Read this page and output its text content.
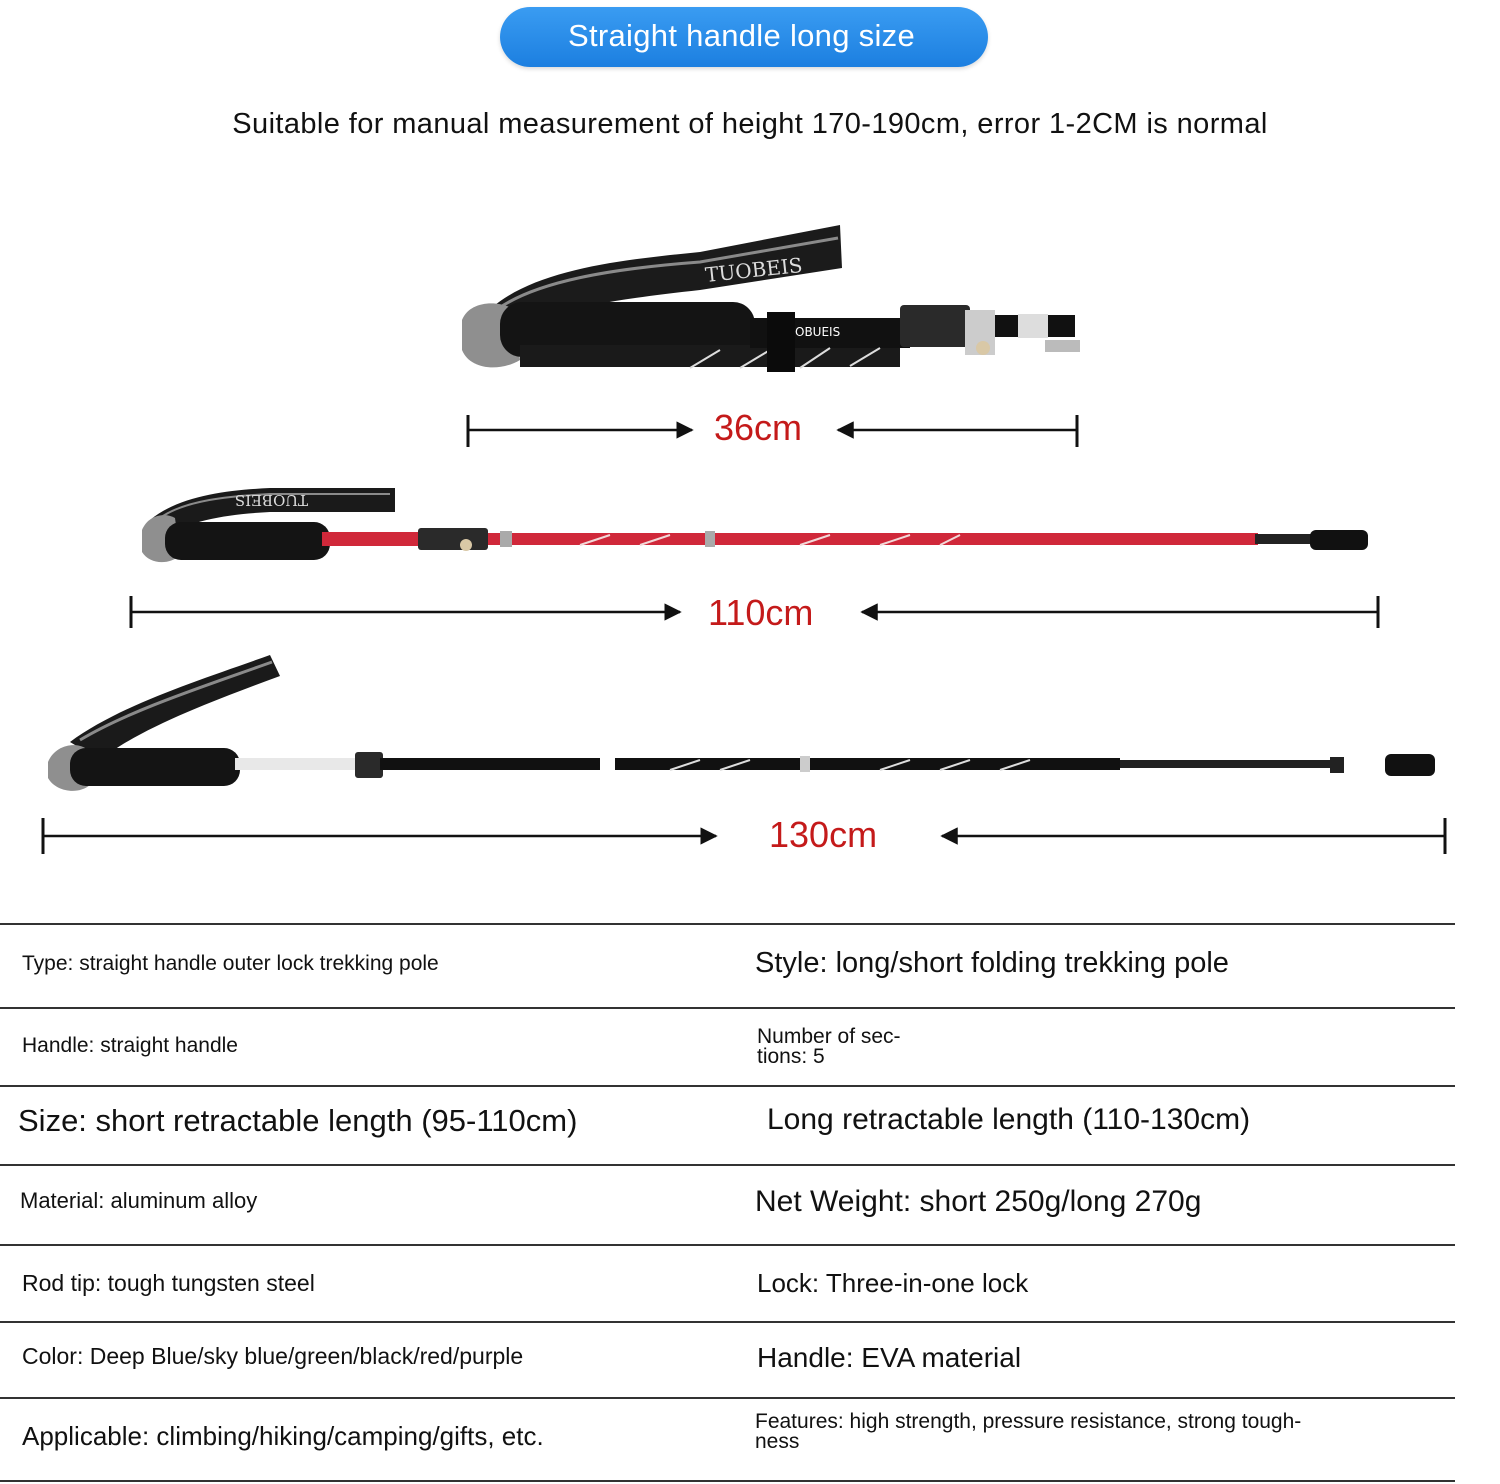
Straight handle long size
Suitable for manual measurement of height 170-190cm, error 1-2CM is normal
TUOBEIS
OBUEIS
TUOBEIS
36cm
110cm
130cm
Type: straight handle outer lock trekking pole	Style: long/short folding trekking pole
Handle: straight handle	Number of sec-
tions: 5
Size: short retractable length (95-110cm)	Long retractable length (110-130cm)
Material: aluminum alloy	Net Weight: short 250g/long 270g
Rod tip: tough tungsten steel	Lock: Three-in-one lock
Color: Deep Blue/sky blue/green/black/red/purple	Handle: EVA material
Applicable: climbing/hiking/camping/gifts, etc.	Features: high strength, pressure resistance, strong tough-
ness
